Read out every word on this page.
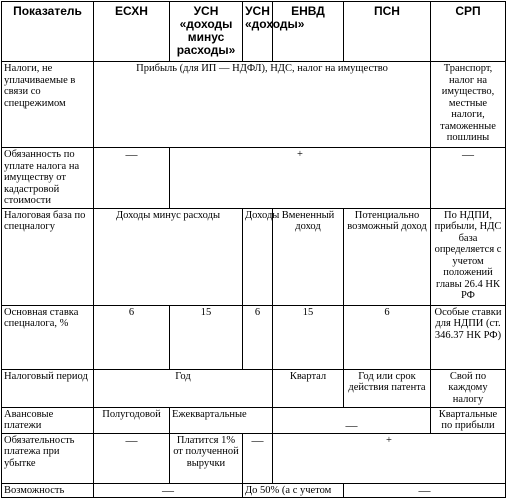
Показатель	ЕСХН	УСН «доходы минус расходы»	УСН «доходы»	ЕНВД	ПСН	СРП
Налоги, не уплачиваемые в связи со спецрежимом	Прибыль (для ИП — НДФЛ), НДС, налог на имущество					Транспорт, налог на имущество, местные налоги, таможенные пошлины
Обязанность по уплате налога на имуществу от кадастровой стоимости	—	+				—
Налоговая база по спецналогу	Доходы минус расходы		Доходы	Вмененный доход	Потенциально возможный доход	По НДПИ, прибыли, НДС база определяется с учетом положений главы 26.4 НК РФ
Основная ставка спецналога, %	6	15	6	15	6	Особые ставки для НДПИ (ст. 346.37 НК РФ)
Налоговый период	Год			Квартал	Год или срок действия патента	Свой по каждому налогу
Авансовые платежи	Полугодовой	Ежеквартальные		—		Квартальные по прибыли
Обязательность платежа при убытке	—	Платится 1% от полученной выручки	—	+		
Возможность	—		До 50% (а с учетом		—	
